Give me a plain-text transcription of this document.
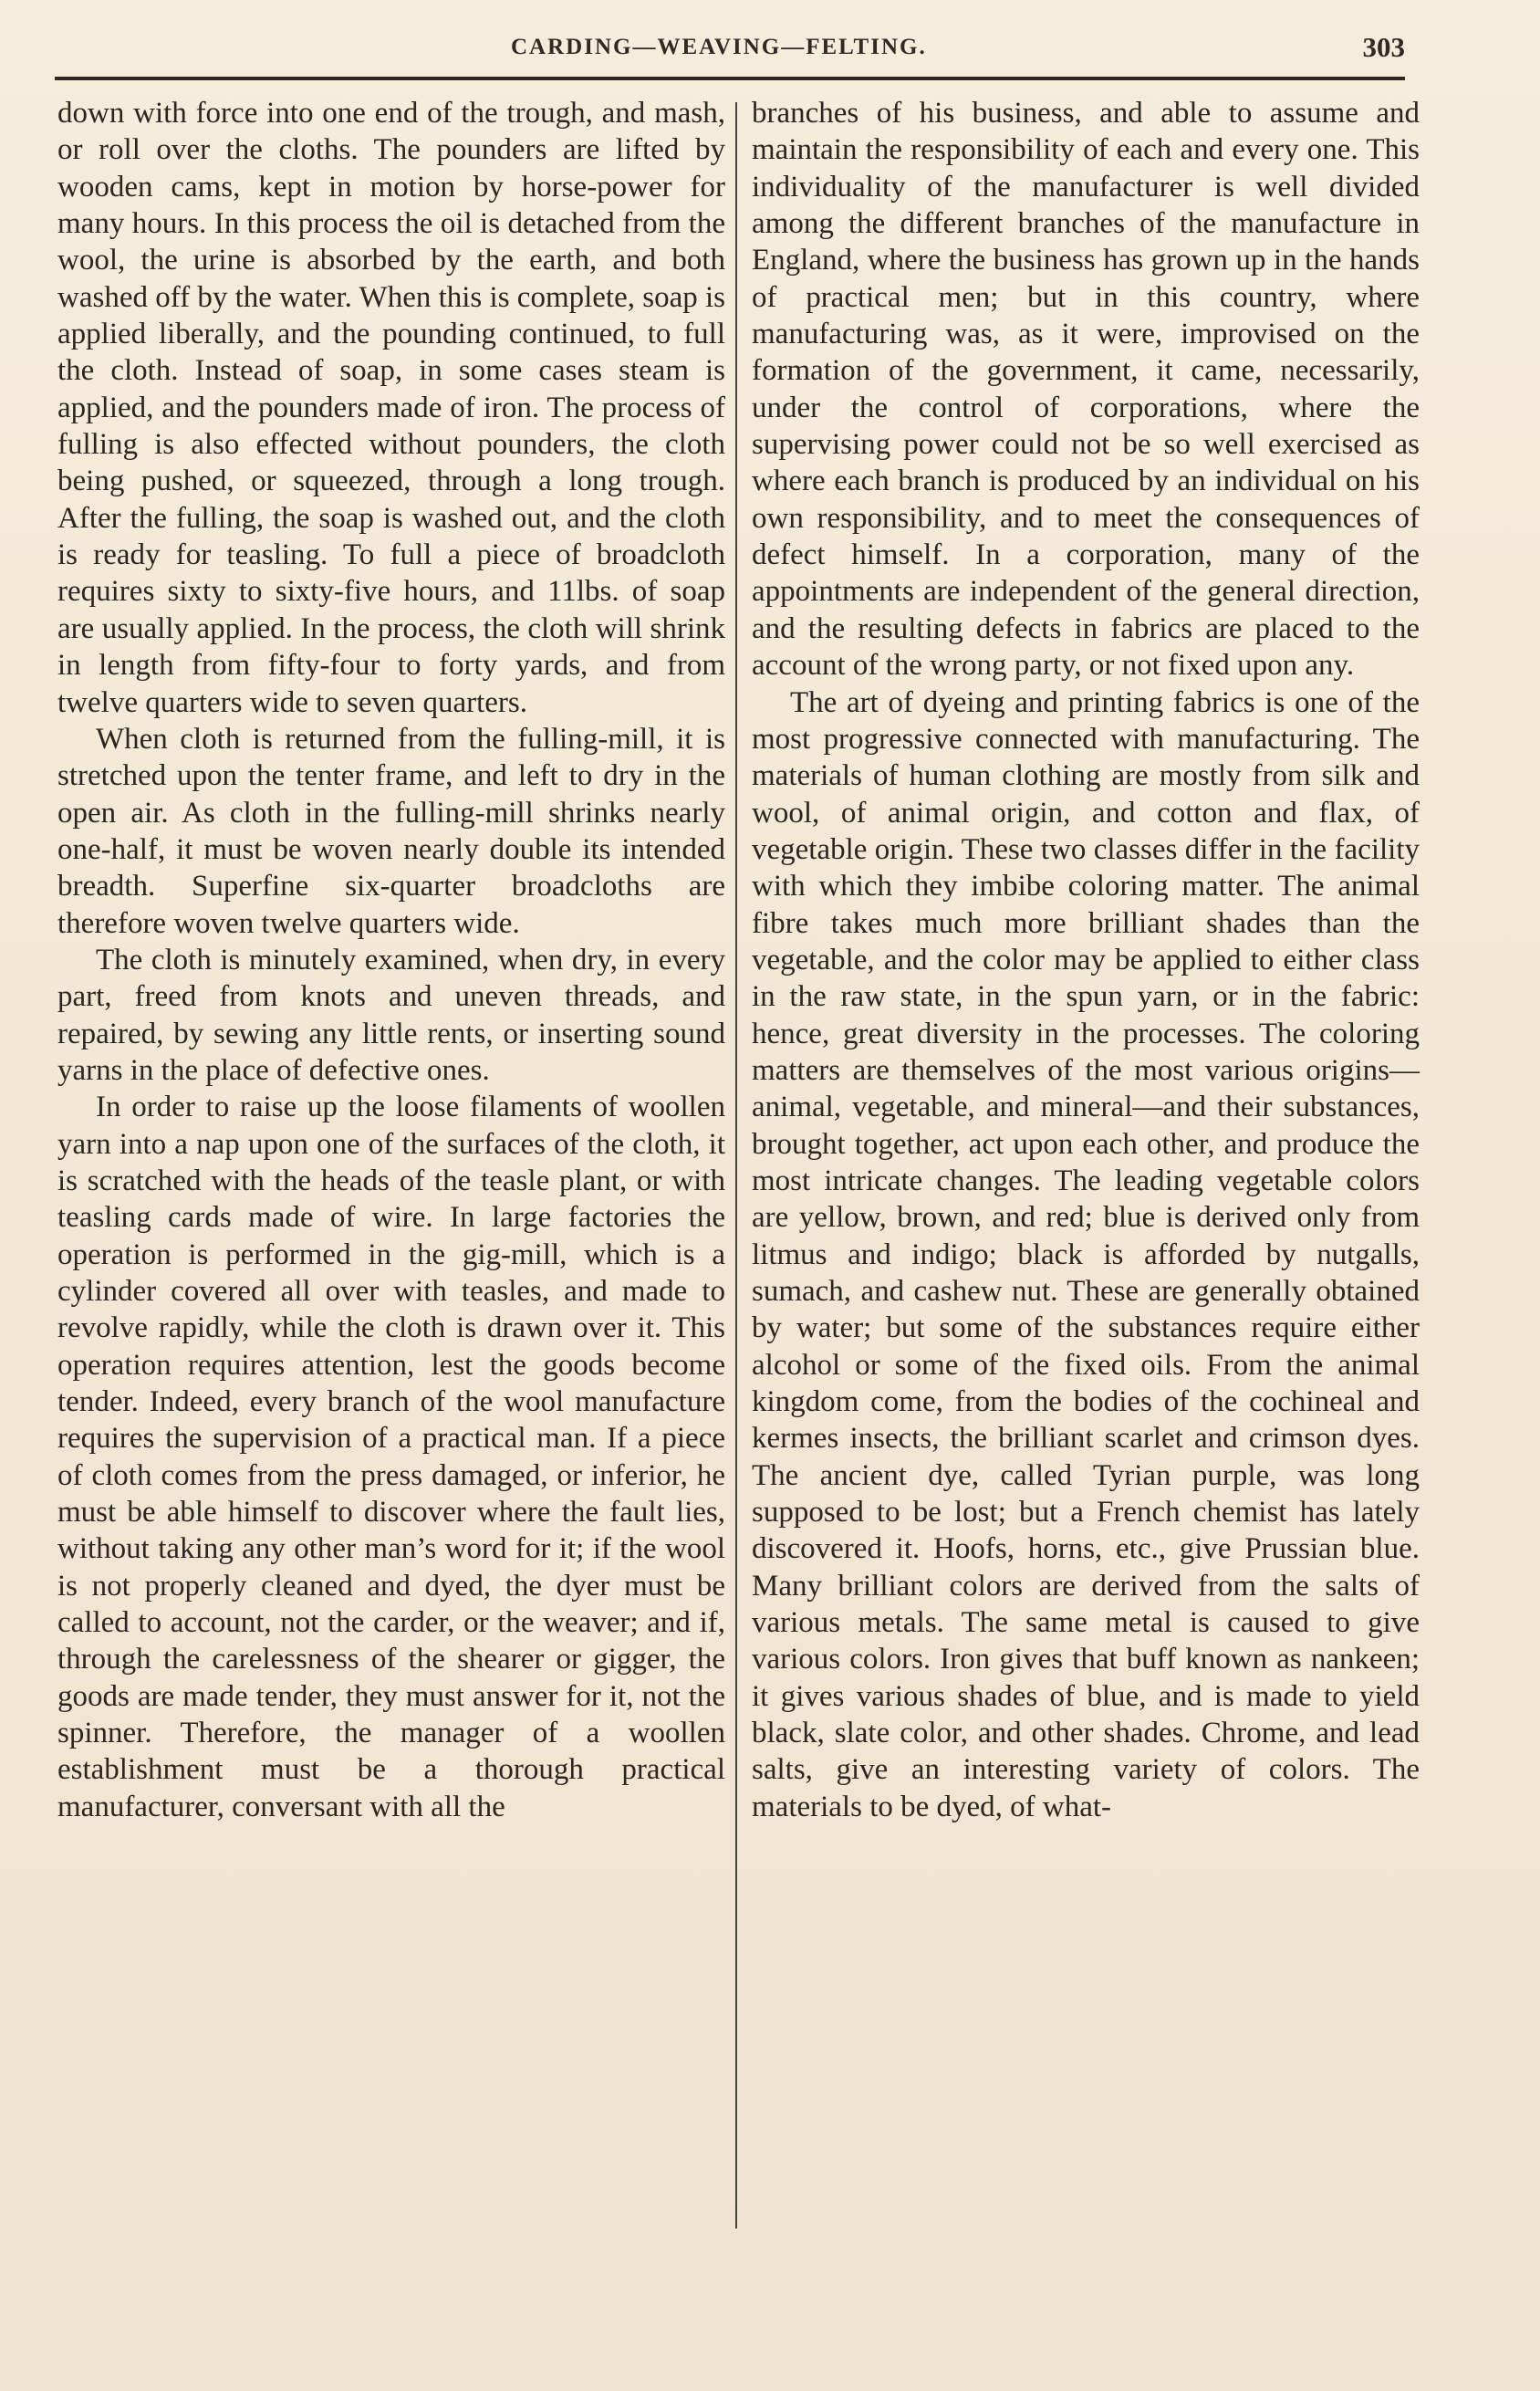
CARDING—WEAVING—FELTING.	303

down with force into one end of the trough, and mash, or roll over the cloths. The pounders are lifted by wooden cams, kept in motion by horse-power for many hours. In this process the oil is detached from the wool, the urine is absorbed by the earth, and both washed off by the water. When this is complete, soap is applied liberally, and the pounding continued, to full the cloth. Instead of soap, in some cases steam is applied, and the pounders made of iron. The process of fulling is also effected without pounders, the cloth being pushed, or squeezed, through a long trough. After the fulling, the soap is washed out, and the cloth is ready for teasling. To full a piece of broadcloth requires sixty to sixty-five hours, and 11lbs. of soap are usually applied. In the process, the cloth will shrink in length from fifty-four to forty yards, and from twelve quarters wide to seven quarters.

When cloth is returned from the fulling-mill, it is stretched upon the tenter frame, and left to dry in the open air. As cloth in the fulling-mill shrinks nearly one-half, it must be woven nearly double its intended breadth. Superfine six-quarter broadcloths are therefore woven twelve quarters wide.

The cloth is minutely examined, when dry, in every part, freed from knots and uneven threads, and repaired, by sewing any little rents, or inserting sound yarns in the place of defective ones.

In order to raise up the loose filaments of woollen yarn into a nap upon one of the surfaces of the cloth, it is scratched with the heads of the teasle plant, or with teasling cards made of wire. In large factories the operation is performed in the gig-mill, which is a cylinder covered all over with teasles, and made to revolve rapidly, while the cloth is drawn over it. This operation requires attention, lest the goods become tender. Indeed, every branch of the wool manufacture requires the supervision of a practical man. If a piece of cloth comes from the press damaged, or inferior, he must be able himself to discover where the fault lies, without taking any other man’s word for it; if the wool is not properly cleaned and dyed, the dyer must be called to account, not the carder, or the weaver; and if, through the carelessness of the shearer or gigger, the goods are made tender, they must answer for it, not the spinner. Therefore, the manager of a woollen establishment must be a thorough practical manufacturer, conversant with all the

branches of his business, and able to assume and maintain the responsibility of each and every one. This individuality of the manufacturer is well divided among the different branches of the manufacture in England, where the business has grown up in the hands of practical men; but in this country, where manufacturing was, as it were, improvised on the formation of the government, it came, necessarily, under the control of corporations, where the supervising power could not be so well exercised as where each branch is produced by an individual on his own responsibility, and to meet the consequences of defect himself. In a corporation, many of the appointments are independent of the general direction, and the resulting defects in fabrics are placed to the account of the wrong party, or not fixed upon any.

The art of dyeing and printing fabrics is one of the most progressive connected with manufacturing. The materials of human clothing are mostly from silk and wool, of animal origin, and cotton and flax, of vegetable origin. These two classes differ in the facility with which they imbibe coloring matter. The animal fibre takes much more brilliant shades than the vegetable, and the color may be applied to either class in the raw state, in the spun yarn, or in the fabric: hence, great diversity in the processes. The coloring matters are themselves of the most various origins—animal, vegetable, and mineral—and their substances, brought together, act upon each other, and produce the most intricate changes. The leading vegetable colors are yellow, brown, and red; blue is derived only from litmus and indigo; black is afforded by nutgalls, sumach, and cashew nut. These are generally obtained by water; but some of the substances require either alcohol or some of the fixed oils. From the animal kingdom come, from the bodies of the cochineal and kermes insects, the brilliant scarlet and crimson dyes. The ancient dye, called Tyrian purple, was long supposed to be lost; but a French chemist has lately discovered it. Hoofs, horns, etc., give Prussian blue. Many brilliant colors are derived from the salts of various metals. The same metal is caused to give various colors. Iron gives that buff known as nankeen; it gives various shades of blue, and is made to yield black, slate color, and other shades. Chrome, and lead salts, give an interesting variety of colors. The materials to be dyed, of what-
